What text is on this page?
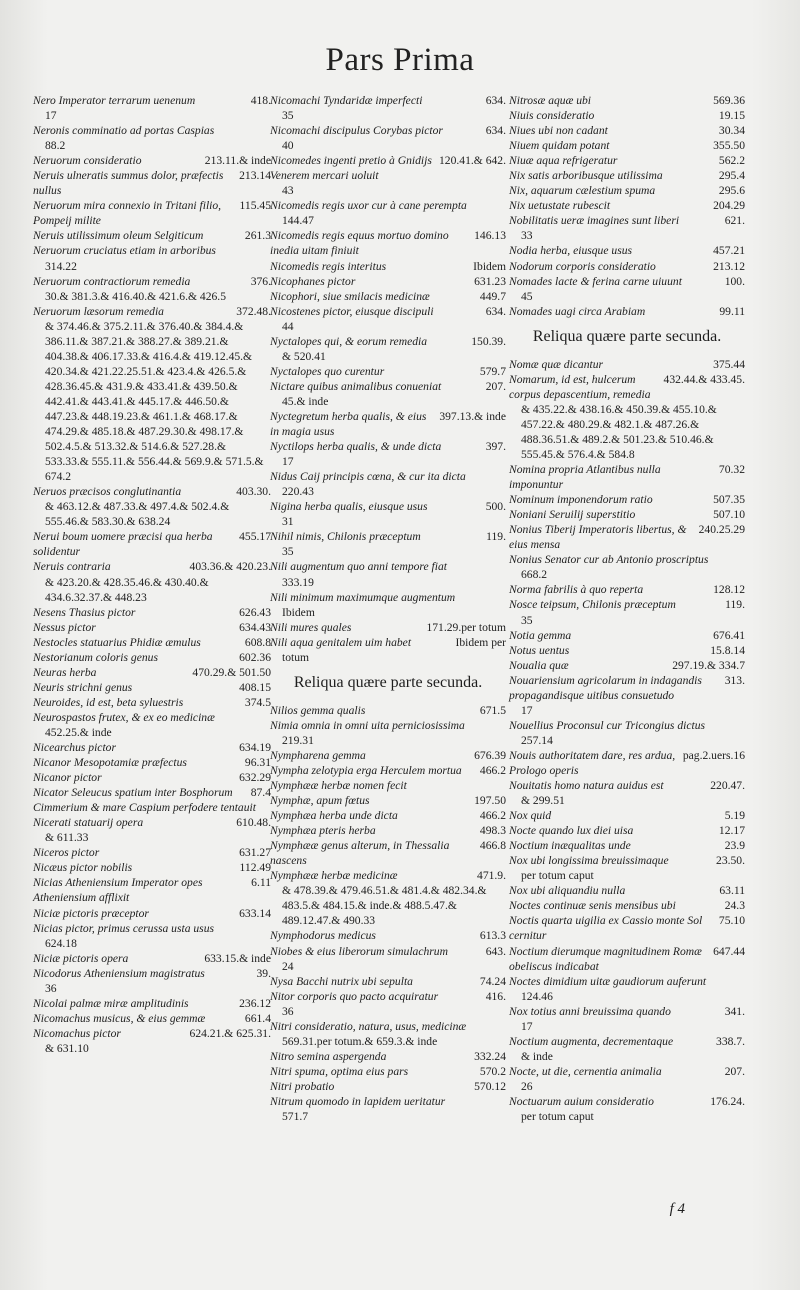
Pars Prima
418.
Nero Imperator terrarum uenenum 
17
Neronis comminatio ad portas Caspias
88.2
213.11.& inde
Neruorum consideratio 
213.14
Neruis ulneratis summus dolor, præfectis nullus 
115.45
Neruorum mira connexio in Tritani filio, Pompeij milite 
261.3
Neruis utilissimum oleum Selgiticum 
Neruorum cruciatus etiam in arboribus
314.22
376.
Neruorum contractiorum remedia 
30.& 381.3.& 416.40.& 421.6.& 426.5
372.48.
Neruorum læsorum remedia 
& 374.46.& 375.2.11.& 376.40.& 384.4.& 386.11.& 387.21.& 388.27.& 389.21.& 404.38.& 406.17.33.& 416.4.& 419.12.45.& 420.34.& 421.22.25.51.& 423.4.& 426.5.& 428.36.45.& 431.9.& 433.41.& 439.50.& 442.41.& 443.41.& 445.17.& 446.50.& 447.23.& 448.19.23.& 461.1.& 468.17.& 474.29.& 485.18.& 487.29.30.& 498.17.& 502.4.5.& 513.32.& 514.6.& 527.28.& 533.33.& 555.11.& 556.44.& 569.9.& 571.5.& 674.2
403.30.
Neruos præcisos conglutinantia 
& 463.12.& 487.33.& 497.4.& 502.4.& 555.46.& 583.30.& 638.24
455.17
Nerui boum uomere præcisi qua herba solidentur 
403.36.& 420.23.
Neruis contraria 
& 423.20.& 428.35.46.& 430.40.& 434.6.32.37.& 448.23
626.43
Nesens Thasius pictor 
634.43
Nessus pictor 
608.8
Nestocles statuarius Phidiæ æmulus 
602.36
Nestorianum coloris genus 
470.29.& 501.50
Neuras herba 
408.15
Neuris strichni genus 
374.5
Neuroides, id est, beta syluestris 
Neurospastos frutex, & ex eo medicinæ
452.25.& inde
634.19
Nicearchus pictor 
96.31
Nicanor Mesopotamiæ præfectus 
632.29
Nicanor pictor 
87.4
Nicator Seleucus spatium inter Bosphorum Cimmerium & mare Caspium perfodere tentauit 
610.48.
Nicerati statuarij opera 
& 611.33
631.27
Niceros pictor 
112.49
Nicæus pictor nobilis 
6.11
Nicias Atheniensium Imperator opes Atheniensium afflixit 
633.14
Niciæ pictoris præceptor 
Nicias pictor, primus cerussa usta usus
624.18
633.15.& inde
Niciæ pictoris opera 
39.
Nicodorus Atheniensium magistratus 
36
236.12
Nicolai palmæ miræ amplitudinis 
661.4
Nicomachus musicus, & eius gemmæ 
624.21.& 625.31.
Nicomachus pictor 
& 631.10
634.
Nicomachi Tyndaridæ imperfecti 
35
634.
Nicomachi discipulus Corybas pictor 
40
120.41.& 642.
Nicomedes ingenti pretio à Gnidijs Venerem mercari uoluit 
43
Nicomedis regis uxor cur à cane perempta
144.47
146.13
Nicomedis regis equus mortuo domino inedia uitam finiuit 
Ibidem
Nicomedis regis interitus 
631.23
Nicophanes pictor 
449.7
Nicophori, siue smilacis medicinæ 
634.
Nicostenes pictor, eiusque discipuli 
44
150.39.
Nyctalopes qui, & eorum remedia 
& 520.41
579.7
Nyctalopes quo curentur 
207.
Nictare quibus animalibus conueniat 
45.& inde
397.13.& inde
Nyctegretum herba qualis, & eius in magia usus 
397.
Nyctilops herba qualis, & unde dicta 
17
Nidus Caij principis cœna, & cur ita dicta
220.43
500.
Nigina herba qualis, eiusque usus 
31
119.
Nihil nimis, Chilonis præceptum 
35
Nili augmentum quo anni tempore fiat
333.19
Nili minimum maximumque augmentum
Ibidem
171.29.per totum
Nili mures quales 
Ibidem per
Nili aqua genitalem uim habet 
totum
Reliqua quære parte secunda.
671.5
Nilios gemma qualis 
Nimia omnia in omni uita perniciosissima
219.31
676.39
Nympharena gemma 
466.2
Nympha zelotypia erga Herculem mortua Nymphææ herbæ nomen fecit 
197.50
Nymphæ, apum fœtus 
466.2
Nymphæa herba unde dicta 
498.3
Nymphæa pteris herba 
466.8
Nymphææ genus alterum, in Thessalia nascens 
471.9.
Nymphææ herbæ medicinæ 
& 478.39.& 479.46.51.& 481.4.& 482.34.& 483.5.& 484.15.& inde.& 488.5.47.& 489.12.47.& 490.33
613.3
Nymphodorus medicus 
643.
Niobes & eius liberorum simulachrum 
24
74.24
Nysa Bacchi nutrix ubi sepulta 
416.
Nitor corporis quo pacto acquiratur 
36
Nitri consideratio, natura, usus, medicinæ
569.31.per totum.& 659.3.& inde
332.24
Nitro semina aspergenda 
570.2
Nitri spuma, optima eius pars 
570.12
Nitri probatio 
Nitrum quomodo in lapidem ueritatur
571.7
569.36
Nitrosæ aquæ ubi 
19.15
Niuis consideratio 
30.34
Niues ubi non cadant 
355.50
Niuem quidam potant 
562.2
Niuæ aqua refrigeratur 
295.4
Nix satis arboribusque utilissima 
295.6
Nix, aquarum cælestium spuma 
204.29
Nix uetustate rubescit 
621.
Nobilitatis ueræ imagines sunt liberi 
33
457.21
Nodia herba, eiusque usus 
213.12
Nodorum corporis consideratio 
100.
Nomades lacte & ferina carne uiuunt 
45
99.11
Nomades uagi circa Arabiam 
Reliqua quære parte secunda.
375.44
Nomæ quæ dicantur 
432.44.& 433.45.
Nomarum, id est, hulcerum corpus depascentium, remedia 
& 435.22.& 438.16.& 450.39.& 455.10.& 457.22.& 480.29.& 482.1.& 487.26.& 488.36.51.& 489.2.& 501.23.& 510.46.& 555.45.& 576.4.& 584.8
70.32
Nomina propria Atlantibus nulla imponuntur 
507.35
Nominum imponendorum ratio 
507.10
Noniani Seruilij superstitio 
240.25.29
Nonius Tiberij Imperatoris libertus, & eius mensa 
Nonius Senator cur ab Antonio proscriptus
668.2
128.12
Norma fabrilis à quo reperta 
119.
Nosce teipsum, Chilonis præceptum 
35
676.41
Notia gemma 
15.8.14
Notus uentus 
297.19.& 334.7
Noualia quæ 
313.
Nouariensium agricolarum in indagandis propagandisque uitibus consuetudo 
17
Nouellius Proconsul cur Tricongius dictus
257.14
pag.2.uers.16
Nouis authoritatem dare, res ardua, Prologo operis 
220.47.
Nouitatis homo natura auidus est 
& 299.51
5.19
Nox quid 
12.17
Nocte quando lux diei uisa 
23.9
Noctium inæqualitas unde 
23.50.
Nox ubi longissima breuissimaque 
per totum caput
63.11
Nox ubi aliquandiu nulla 
24.3
Noctes continuæ senis mensibus ubi 
75.10
Noctis quarta uigilia ex Cassio monte Sol cernitur 
647.44
Noctium dierumque magnitudinem Romæ obeliscus indicabat 
Noctes dimidium uitæ gaudiorum auferunt
124.46
341.
Nox totius anni breuissima quando 
17
338.7.
Noctium augmenta, decrementaque 
& inde
207.
Nocte, ut die, cernentia animalia 
26
176.24.
Noctuarum auium consideratio 
per totum caput
f 4
